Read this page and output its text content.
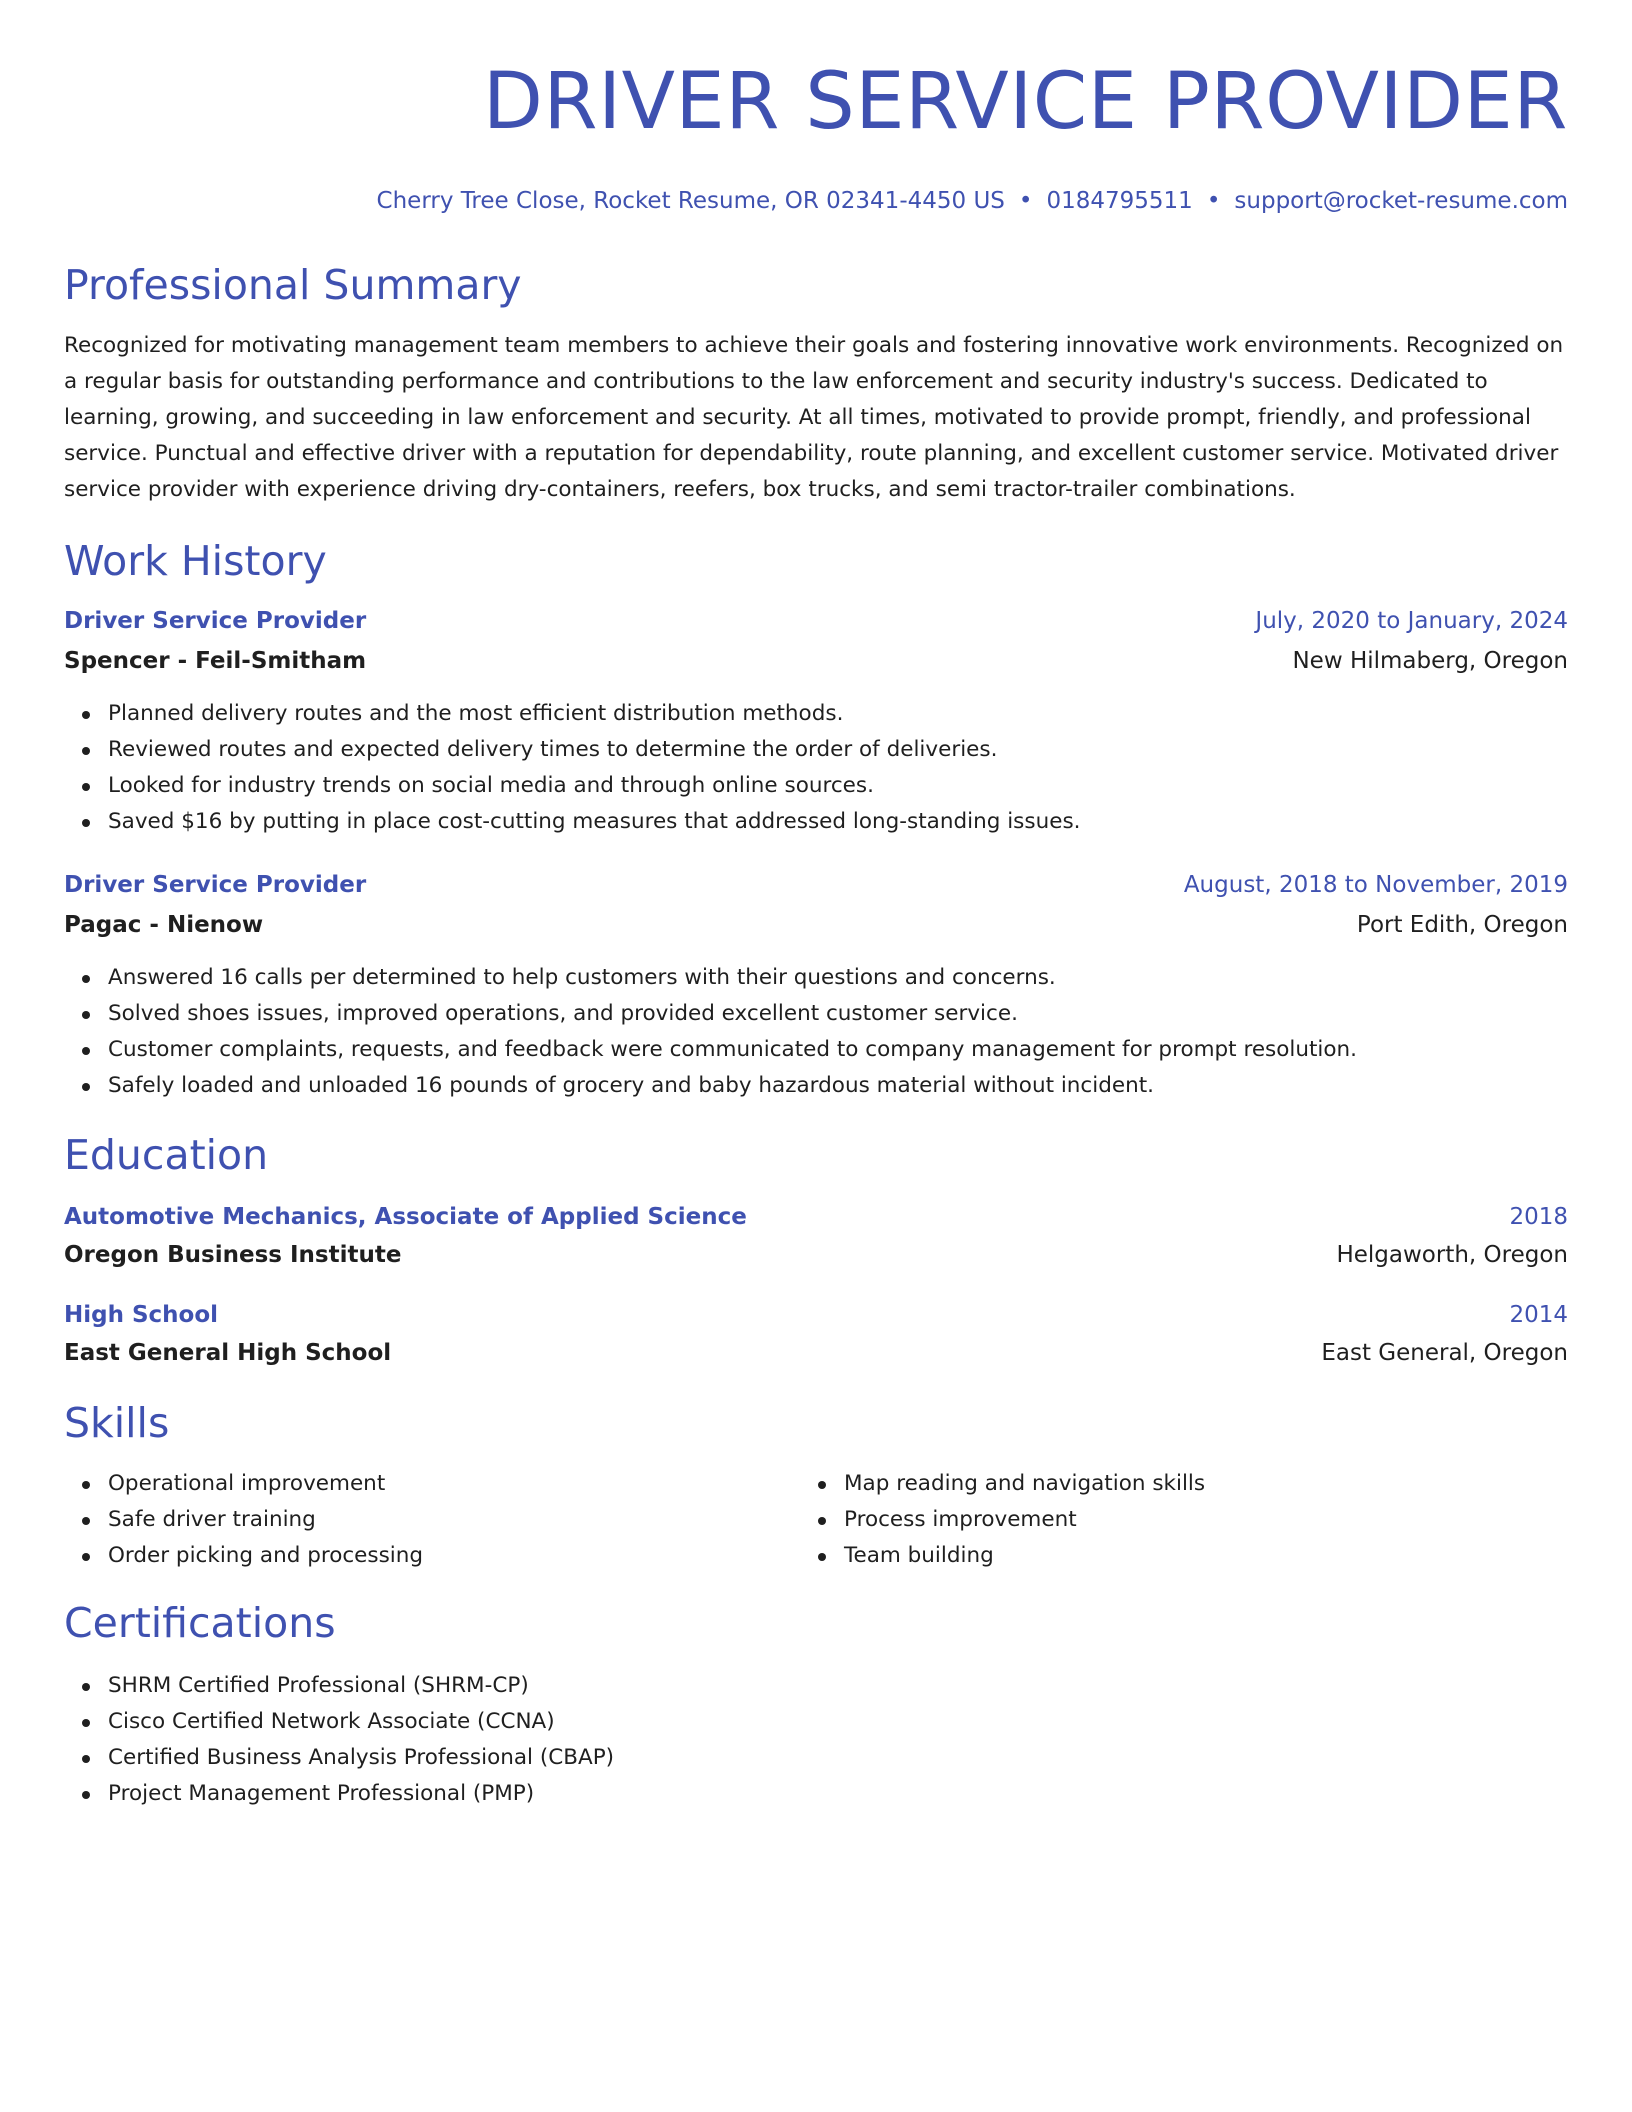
DRIVER SERVICE PROVIDER
Cherry Tree Close, Rocket Resume, OR 02341-4450 US • 0184795511 • support@rocket-resume.com
Professional Summary
Recognized for motivating management team members to achieve their goals and fostering innovative work environments. Recognized on a regular basis for outstanding performance and contributions to the law enforcement and security industry's success. Dedicated to learning, growing, and succeeding in law enforcement and security. At all times, motivated to provide prompt, friendly, and professional service. Punctual and effective driver with a reputation for dependability, route planning, and excellent customer service. Motivated driver service provider with experience driving dry-containers, reefers, box trucks, and semi tractor-trailer combinations.
Work History
Driver Service Provider	July, 2020 to January, 2024
Spencer - Feil-Smitham	New Hilmaberg, Oregon
Planned delivery routes and the most efficient distribution methods.
Reviewed routes and expected delivery times to determine the order of deliveries.
Looked for industry trends on social media and through online sources.
Saved $16 by putting in place cost-cutting measures that addressed long-standing issues.
Driver Service Provider	August, 2018 to November, 2019
Pagac - Nienow	Port Edith, Oregon
Answered 16 calls per determined to help customers with their questions and concerns.
Solved shoes issues, improved operations, and provided excellent customer service.
Customer complaints, requests, and feedback were communicated to company management for prompt resolution.
Safely loaded and unloaded 16 pounds of grocery and baby hazardous material without incident.
Education
Automotive Mechanics, Associate of Applied Science	2018
Oregon Business Institute	Helgaworth, Oregon
High School	2014
East General High School	East General, Oregon
Skills
Operational improvement
Safe driver training
Order picking and processing
Map reading and navigation skills
Process improvement
Team building
Certifications
SHRM Certified Professional (SHRM-CP)
Cisco Certified Network Associate (CCNA)
Certified Business Analysis Professional (CBAP)
Project Management Professional (PMP)
